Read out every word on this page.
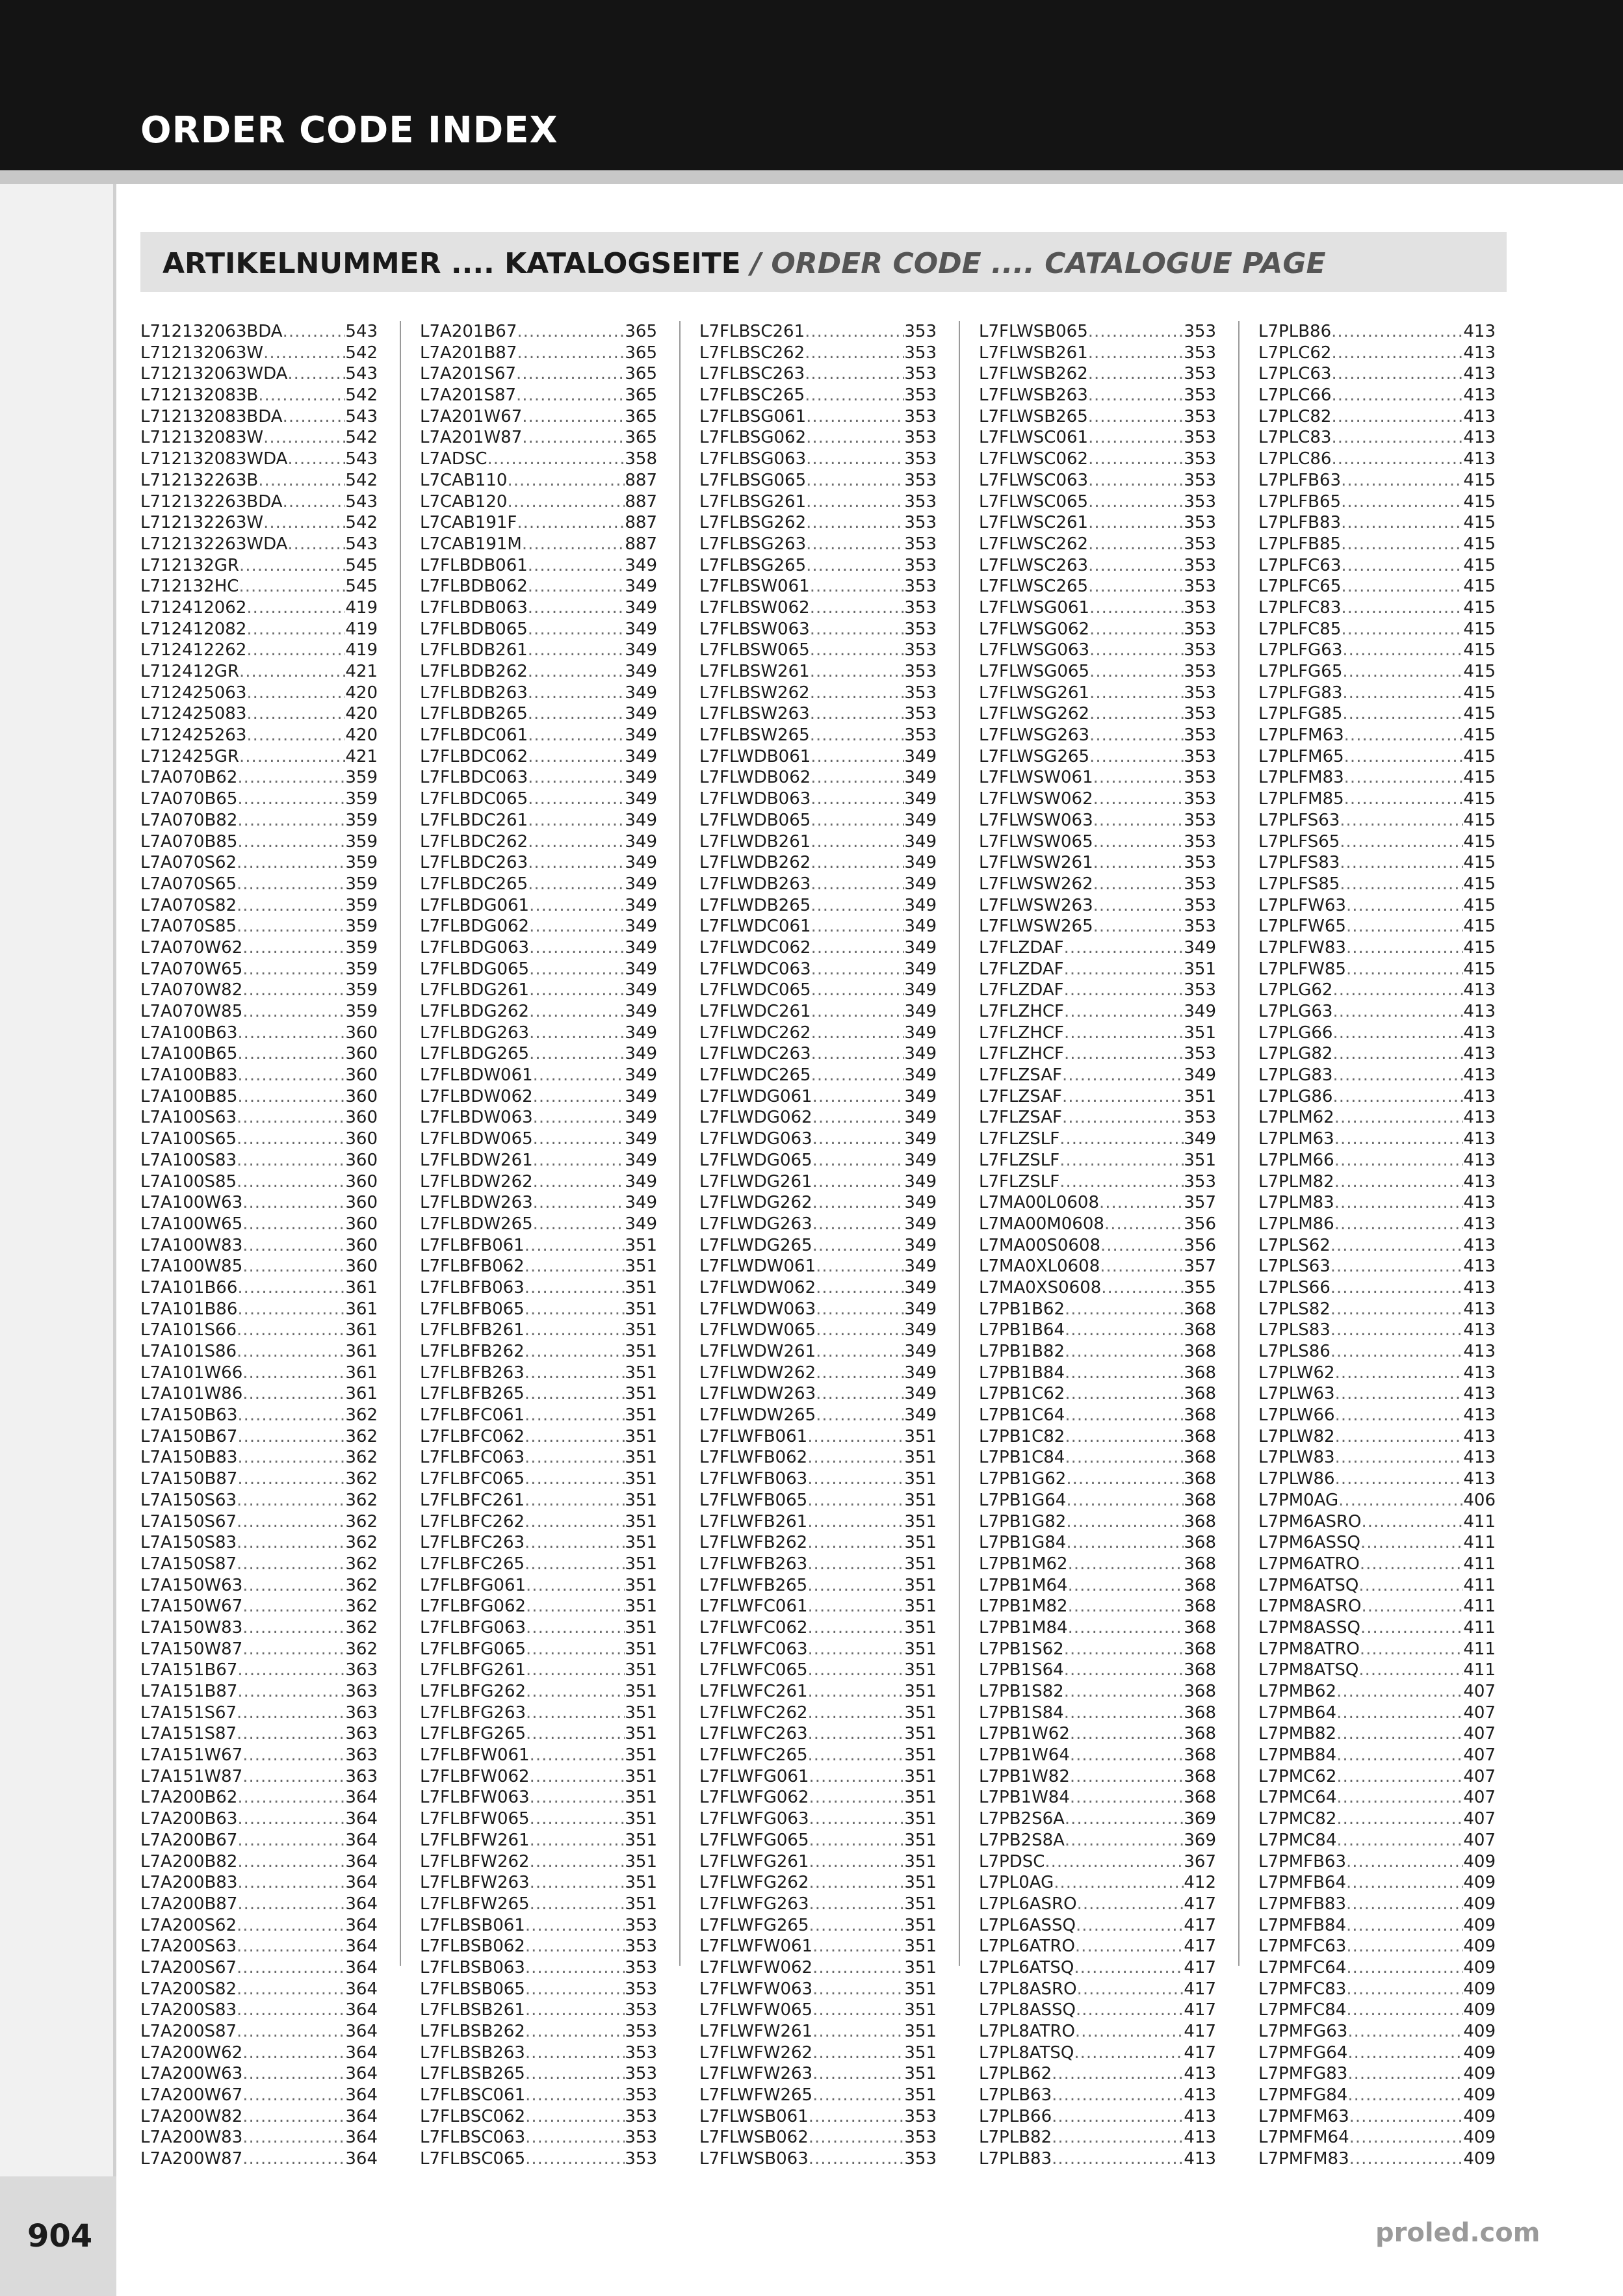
ORDER CODE INDEX
904
ARTIKELNUMMER .... KATALOGSEITE / ORDER CODE .... CATALOGUE PAGE
L712132063BDA .....	543
L712132063W .....	542
L712132063WDA .....	543
L712132083B .....	542
L712132083BDA .....	543
L712132083W .....	542
L712132083WDA .....	543
L712132263B .....	542
L712132263BDA .....	543
L712132263W .....	542
L712132263WDA .....	543
L712132GR .....	545
L712132HC .....	545
L712412062 .....	419
L712412082 .....	419
L712412262 .....	419
L712412GR .....	421
L712425063 .....	420
L712425083 .....	420
L712425263 .....	420
L712425GR .....	421
L7A070B62 .....	359
L7A070B65 .....	359
L7A070B82 .....	359
L7A070B85 .....	359
L7A070S62 .....	359
L7A070S65 .....	359
L7A070S82 .....	359
L7A070S85 .....	359
L7A070W62 .....	359
L7A070W65 .....	359
L7A070W82 .....	359
L7A070W85 .....	359
L7A100B63 .....	360
L7A100B65 .....	360
L7A100B83 .....	360
L7A100B85 .....	360
L7A100S63 .....	360
L7A100S65 .....	360
L7A100S83 .....	360
L7A100S85 .....	360
L7A100W63 .....	360
L7A100W65 .....	360
L7A100W83 .....	360
L7A100W85 .....	360
L7A101B66 .....	361
L7A101B86 .....	361
L7A101S66 .....	361
L7A101S86 .....	361
L7A101W66 .....	361
L7A101W86 .....	361
L7A150B63 .....	362
L7A150B67 .....	362
L7A150B83 .....	362
L7A150B87 .....	362
L7A150S63 .....	362
L7A150S67 .....	362
L7A150S83 .....	362
L7A150S87 .....	362
L7A150W63 .....	362
L7A150W67 .....	362
L7A150W83 .....	362
L7A150W87 .....	362
L7A151B67 .....	363
L7A151B87 .....	363
L7A151S67 .....	363
L7A151S87 .....	363
L7A151W67 .....	363
L7A151W87 .....	363
L7A200B62 .....	364
L7A200B63 .....	364
L7A200B67 .....	364
L7A200B82 .....	364
L7A200B83 .....	364
L7A200B87 .....	364
L7A200S62 .....	364
L7A200S63 .....	364
L7A200S67 .....	364
L7A200S82 .....	364
L7A200S83 .....	364
L7A200S87 .....	364
L7A200W62 .....	364
L7A200W63 .....	364
L7A200W67 .....	364
L7A200W82 .....	364
L7A200W83 .....	364
L7A200W87 .....	364
L7A201B67 .....	365
L7A201B87 .....	365
L7A201S67 .....	365
L7A201S87 .....	365
L7A201W67 .....	365
L7A201W87 .....	365
L7ADSC .....	358
L7CAB110 .....	887
L7CAB120 .....	887
L7CAB191F .....	887
L7CAB191M .....	887
L7FLBDB061 .....	349
L7FLBDB062 .....	349
L7FLBDB063 .....	349
L7FLBDB065 .....	349
L7FLBDB261 .....	349
L7FLBDB262 .....	349
L7FLBDB263 .....	349
L7FLBDB265 .....	349
L7FLBDC061 .....	349
L7FLBDC062 .....	349
L7FLBDC063 .....	349
L7FLBDC065 .....	349
L7FLBDC261 .....	349
L7FLBDC262 .....	349
L7FLBDC263 .....	349
L7FLBDC265 .....	349
L7FLBDG061 .....	349
L7FLBDG062 .....	349
L7FLBDG063 .....	349
L7FLBDG065 .....	349
L7FLBDG261 .....	349
L7FLBDG262 .....	349
L7FLBDG263 .....	349
L7FLBDG265 .....	349
L7FLBDW061 .....	349
L7FLBDW062 .....	349
L7FLBDW063 .....	349
L7FLBDW065 .....	349
L7FLBDW261 .....	349
L7FLBDW262 .....	349
L7FLBDW263 .....	349
L7FLBDW265 .....	349
L7FLBFB061 .....	351
L7FLBFB062 .....	351
L7FLBFB063 .....	351
L7FLBFB065 .....	351
L7FLBFB261 .....	351
L7FLBFB262 .....	351
L7FLBFB263 .....	351
L7FLBFB265 .....	351
L7FLBFC061 .....	351
L7FLBFC062 .....	351
L7FLBFC063 .....	351
L7FLBFC065 .....	351
L7FLBFC261 .....	351
L7FLBFC262 .....	351
L7FLBFC263 .....	351
L7FLBFC265 .....	351
L7FLBFG061 .....	351
L7FLBFG062 .....	351
L7FLBFG063 .....	351
L7FLBFG065 .....	351
L7FLBFG261 .....	351
L7FLBFG262 .....	351
L7FLBFG263 .....	351
L7FLBFG265 .....	351
L7FLBFW061 .....	351
L7FLBFW062 .....	351
L7FLBFW063 .....	351
L7FLBFW065 .....	351
L7FLBFW261 .....	351
L7FLBFW262 .....	351
L7FLBFW263 .....	351
L7FLBFW265 .....	351
L7FLBSB061 .....	353
L7FLBSB062 .....	353
L7FLBSB063 .....	353
L7FLBSB065 .....	353
L7FLBSB261 .....	353
L7FLBSB262 .....	353
L7FLBSB263 .....	353
L7FLBSB265 .....	353
L7FLBSC061 .....	353
L7FLBSC062 .....	353
L7FLBSC063 .....	353
L7FLBSC065 .....	353
L7FLBSC261 .....	353
L7FLBSC262 .....	353
L7FLBSC263 .....	353
L7FLBSC265 .....	353
L7FLBSG061 .....	353
L7FLBSG062 .....	353
L7FLBSG063 .....	353
L7FLBSG065 .....	353
L7FLBSG261 .....	353
L7FLBSG262 .....	353
L7FLBSG263 .....	353
L7FLBSG265 .....	353
L7FLBSW061 .....	353
L7FLBSW062 .....	353
L7FLBSW063 .....	353
L7FLBSW065 .....	353
L7FLBSW261 .....	353
L7FLBSW262 .....	353
L7FLBSW263 .....	353
L7FLBSW265 .....	353
L7FLWDB061 .....	349
L7FLWDB062 .....	349
L7FLWDB063 .....	349
L7FLWDB065 .....	349
L7FLWDB261 .....	349
L7FLWDB262 .....	349
L7FLWDB263 .....	349
L7FLWDB265 .....	349
L7FLWDC061 .....	349
L7FLWDC062 .....	349
L7FLWDC063 .....	349
L7FLWDC065 .....	349
L7FLWDC261 .....	349
L7FLWDC262 .....	349
L7FLWDC263 .....	349
L7FLWDC265 .....	349
L7FLWDG061 .....	349
L7FLWDG062 .....	349
L7FLWDG063 .....	349
L7FLWDG065 .....	349
L7FLWDG261 .....	349
L7FLWDG262 .....	349
L7FLWDG263 .....	349
L7FLWDG265 .....	349
L7FLWDW061 .....	349
L7FLWDW062 .....	349
L7FLWDW063 .....	349
L7FLWDW065 .....	349
L7FLWDW261 .....	349
L7FLWDW262 .....	349
L7FLWDW263 .....	349
L7FLWDW265 .....	349
L7FLWFB061 .....	351
L7FLWFB062 .....	351
L7FLWFB063 .....	351
L7FLWFB065 .....	351
L7FLWFB261 .....	351
L7FLWFB262 .....	351
L7FLWFB263 .....	351
L7FLWFB265 .....	351
L7FLWFC061 .....	351
L7FLWFC062 .....	351
L7FLWFC063 .....	351
L7FLWFC065 .....	351
L7FLWFC261 .....	351
L7FLWFC262 .....	351
L7FLWFC263 .....	351
L7FLWFC265 .....	351
L7FLWFG061 .....	351
L7FLWFG062 .....	351
L7FLWFG063 .....	351
L7FLWFG065 .....	351
L7FLWFG261 .....	351
L7FLWFG262 .....	351
L7FLWFG263 .....	351
L7FLWFG265 .....	351
L7FLWFW061 .....	351
L7FLWFW062 .....	351
L7FLWFW063 .....	351
L7FLWFW065 .....	351
L7FLWFW261 .....	351
L7FLWFW262 .....	351
L7FLWFW263 .....	351
L7FLWFW265 .....	351
L7FLWSB061 .....	353
L7FLWSB062 .....	353
L7FLWSB063 .....	353
L7FLWSB065 .....	353
L7FLWSB261 .....	353
L7FLWSB262 .....	353
L7FLWSB263 .....	353
L7FLWSB265 .....	353
L7FLWSC061 .....	353
L7FLWSC062 .....	353
L7FLWSC063 .....	353
L7FLWSC065 .....	353
L7FLWSC261 .....	353
L7FLWSC262 .....	353
L7FLWSC263 .....	353
L7FLWSC265 .....	353
L7FLWSG061 .....	353
L7FLWSG062 .....	353
L7FLWSG063 .....	353
L7FLWSG065 .....	353
L7FLWSG261 .....	353
L7FLWSG262 .....	353
L7FLWSG263 .....	353
L7FLWSG265 .....	353
L7FLWSW061 .....	353
L7FLWSW062 .....	353
L7FLWSW063 .....	353
L7FLWSW065 .....	353
L7FLWSW261 .....	353
L7FLWSW262 .....	353
L7FLWSW263 .....	353
L7FLWSW265 .....	353
L7FLZDAF .....	349
L7FLZDAF .....	351
L7FLZDAF .....	353
L7FLZHCF .....	349
L7FLZHCF .....	351
L7FLZHCF .....	353
L7FLZSAF .....	349
L7FLZSAF .....	351
L7FLZSAF .....	353
L7FLZSLF .....	349
L7FLZSLF .....	351
L7FLZSLF .....	353
L7MA00L0608 .....	357
L7MA00M0608 .....	356
L7MA00S0608 .....	356
L7MA0XL0608 .....	357
L7MA0XS0608 .....	355
L7PB1B62 .....	368
L7PB1B64 .....	368
L7PB1B82 .....	368
L7PB1B84 .....	368
L7PB1C62 .....	368
L7PB1C64 .....	368
L7PB1C82 .....	368
L7PB1C84 .....	368
L7PB1G62 .....	368
L7PB1G64 .....	368
L7PB1G82 .....	368
L7PB1G84 .....	368
L7PB1M62 .....	368
L7PB1M64 .....	368
L7PB1M82 .....	368
L7PB1M84 .....	368
L7PB1S62 .....	368
L7PB1S64 .....	368
L7PB1S82 .....	368
L7PB1S84 .....	368
L7PB1W62 .....	368
L7PB1W64 .....	368
L7PB1W82 .....	368
L7PB1W84 .....	368
L7PB2S6A .....	369
L7PB2S8A .....	369
L7PDSC .....	367
L7PL0AG .....	412
L7PL6ASRO .....	417
L7PL6ASSQ .....	417
L7PL6ATRO .....	417
L7PL6ATSQ .....	417
L7PL8ASRO .....	417
L7PL8ASSQ .....	417
L7PL8ATRO .....	417
L7PL8ATSQ .....	417
L7PLB62 .....	413
L7PLB63 .....	413
L7PLB66 .....	413
L7PLB82 .....	413
L7PLB83 .....	413
L7PLB86 .....	413
L7PLC62 .....	413
L7PLC63 .....	413
L7PLC66 .....	413
L7PLC82 .....	413
L7PLC83 .....	413
L7PLC86 .....	413
L7PLFB63 .....	415
L7PLFB65 .....	415
L7PLFB83 .....	415
L7PLFB85 .....	415
L7PLFC63 .....	415
L7PLFC65 .....	415
L7PLFC83 .....	415
L7PLFC85 .....	415
L7PLFG63 .....	415
L7PLFG65 .....	415
L7PLFG83 .....	415
L7PLFG85 .....	415
L7PLFM63 .....	415
L7PLFM65 .....	415
L7PLFM83 .....	415
L7PLFM85 .....	415
L7PLFS63 .....	415
L7PLFS65 .....	415
L7PLFS83 .....	415
L7PLFS85 .....	415
L7PLFW63 .....	415
L7PLFW65 .....	415
L7PLFW83 .....	415
L7PLFW85 .....	415
L7PLG62 .....	413
L7PLG63 .....	413
L7PLG66 .....	413
L7PLG82 .....	413
L7PLG83 .....	413
L7PLG86 .....	413
L7PLM62 .....	413
L7PLM63 .....	413
L7PLM66 .....	413
L7PLM82 .....	413
L7PLM83 .....	413
L7PLM86 .....	413
L7PLS62 .....	413
L7PLS63 .....	413
L7PLS66 .....	413
L7PLS82 .....	413
L7PLS83 .....	413
L7PLS86 .....	413
L7PLW62 .....	413
L7PLW63 .....	413
L7PLW66 .....	413
L7PLW82 .....	413
L7PLW83 .....	413
L7PLW86 .....	413
L7PM0AG .....	406
L7PM6ASRO .....	411
L7PM6ASSQ .....	411
L7PM6ATRO .....	411
L7PM6ATSQ .....	411
L7PM8ASRO .....	411
L7PM8ASSQ .....	411
L7PM8ATRO .....	411
L7PM8ATSQ .....	411
L7PMB62 .....	407
L7PMB64 .....	407
L7PMB82 .....	407
L7PMB84 .....	407
L7PMC62 .....	407
L7PMC64 .....	407
L7PMC82 .....	407
L7PMC84 .....	407
L7PMFB63 .....	409
L7PMFB64 .....	409
L7PMFB83 .....	409
L7PMFB84 .....	409
L7PMFC63 .....	409
L7PMFC64 .....	409
L7PMFC83 .....	409
L7PMFC84 .....	409
L7PMFG63 .....	409
L7PMFG64 .....	409
L7PMFG83 .....	409
L7PMFG84 .....	409
L7PMFM63 .....	409
L7PMFM64 .....	409
L7PMFM83 .....	409
proled.com
